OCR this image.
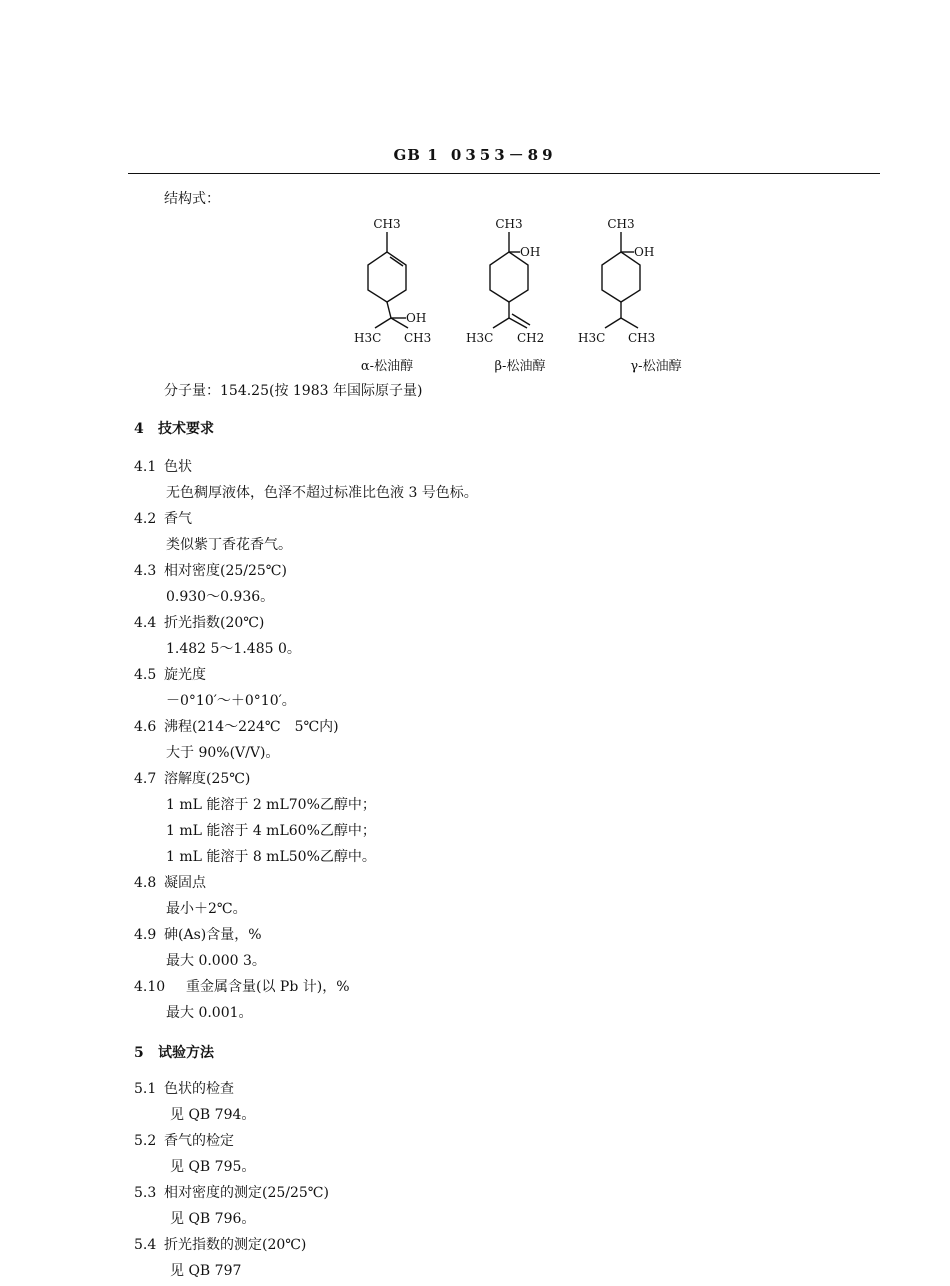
GB 1 0353－89
结构式：
CH3
OH
H3C CH3
α-松油醇
CH3
OH
H3C CH2
β-松油醇
CH3
OH
H3C CH3
γ-松油醇
分子量：154.25(按 1983 年国际原子量)
4 技术要求
4.1 色状
无色稠厚液体，色泽不超过标准比色液 3 号色标。
4.2 香气
类似紫丁香花香气。
4.3 相对密度(25/25℃)
0.930～0.936。
4.4 折光指数(20℃)
1.482 5～1.485 0。
4.5 旋光度
－0°10′～＋0°10′。
4.6 沸程(214～224℃　5℃内)
大于 90%(V/V)。
4.7 溶解度(25℃)
1 mL 能溶于 2 mL70%乙醇中；
1 mL 能溶于 4 mL60%乙醇中；
1 mL 能溶于 8 mL50%乙醇中。
4.8 凝固点
最小＋2℃。
4.9 砷(As)含量，%
最大 0.000 3。
4.10 重金属含量(以 Pb 计)，%
最大 0.001。
5 试验方法
5.1 色状的检查
见 QB 794。
5.2 香气的检定
见 QB 795。
5.3 相对密度的测定(25/25℃)
见 QB 796。
5.4 折光指数的测定(20℃)
见 QB 797
